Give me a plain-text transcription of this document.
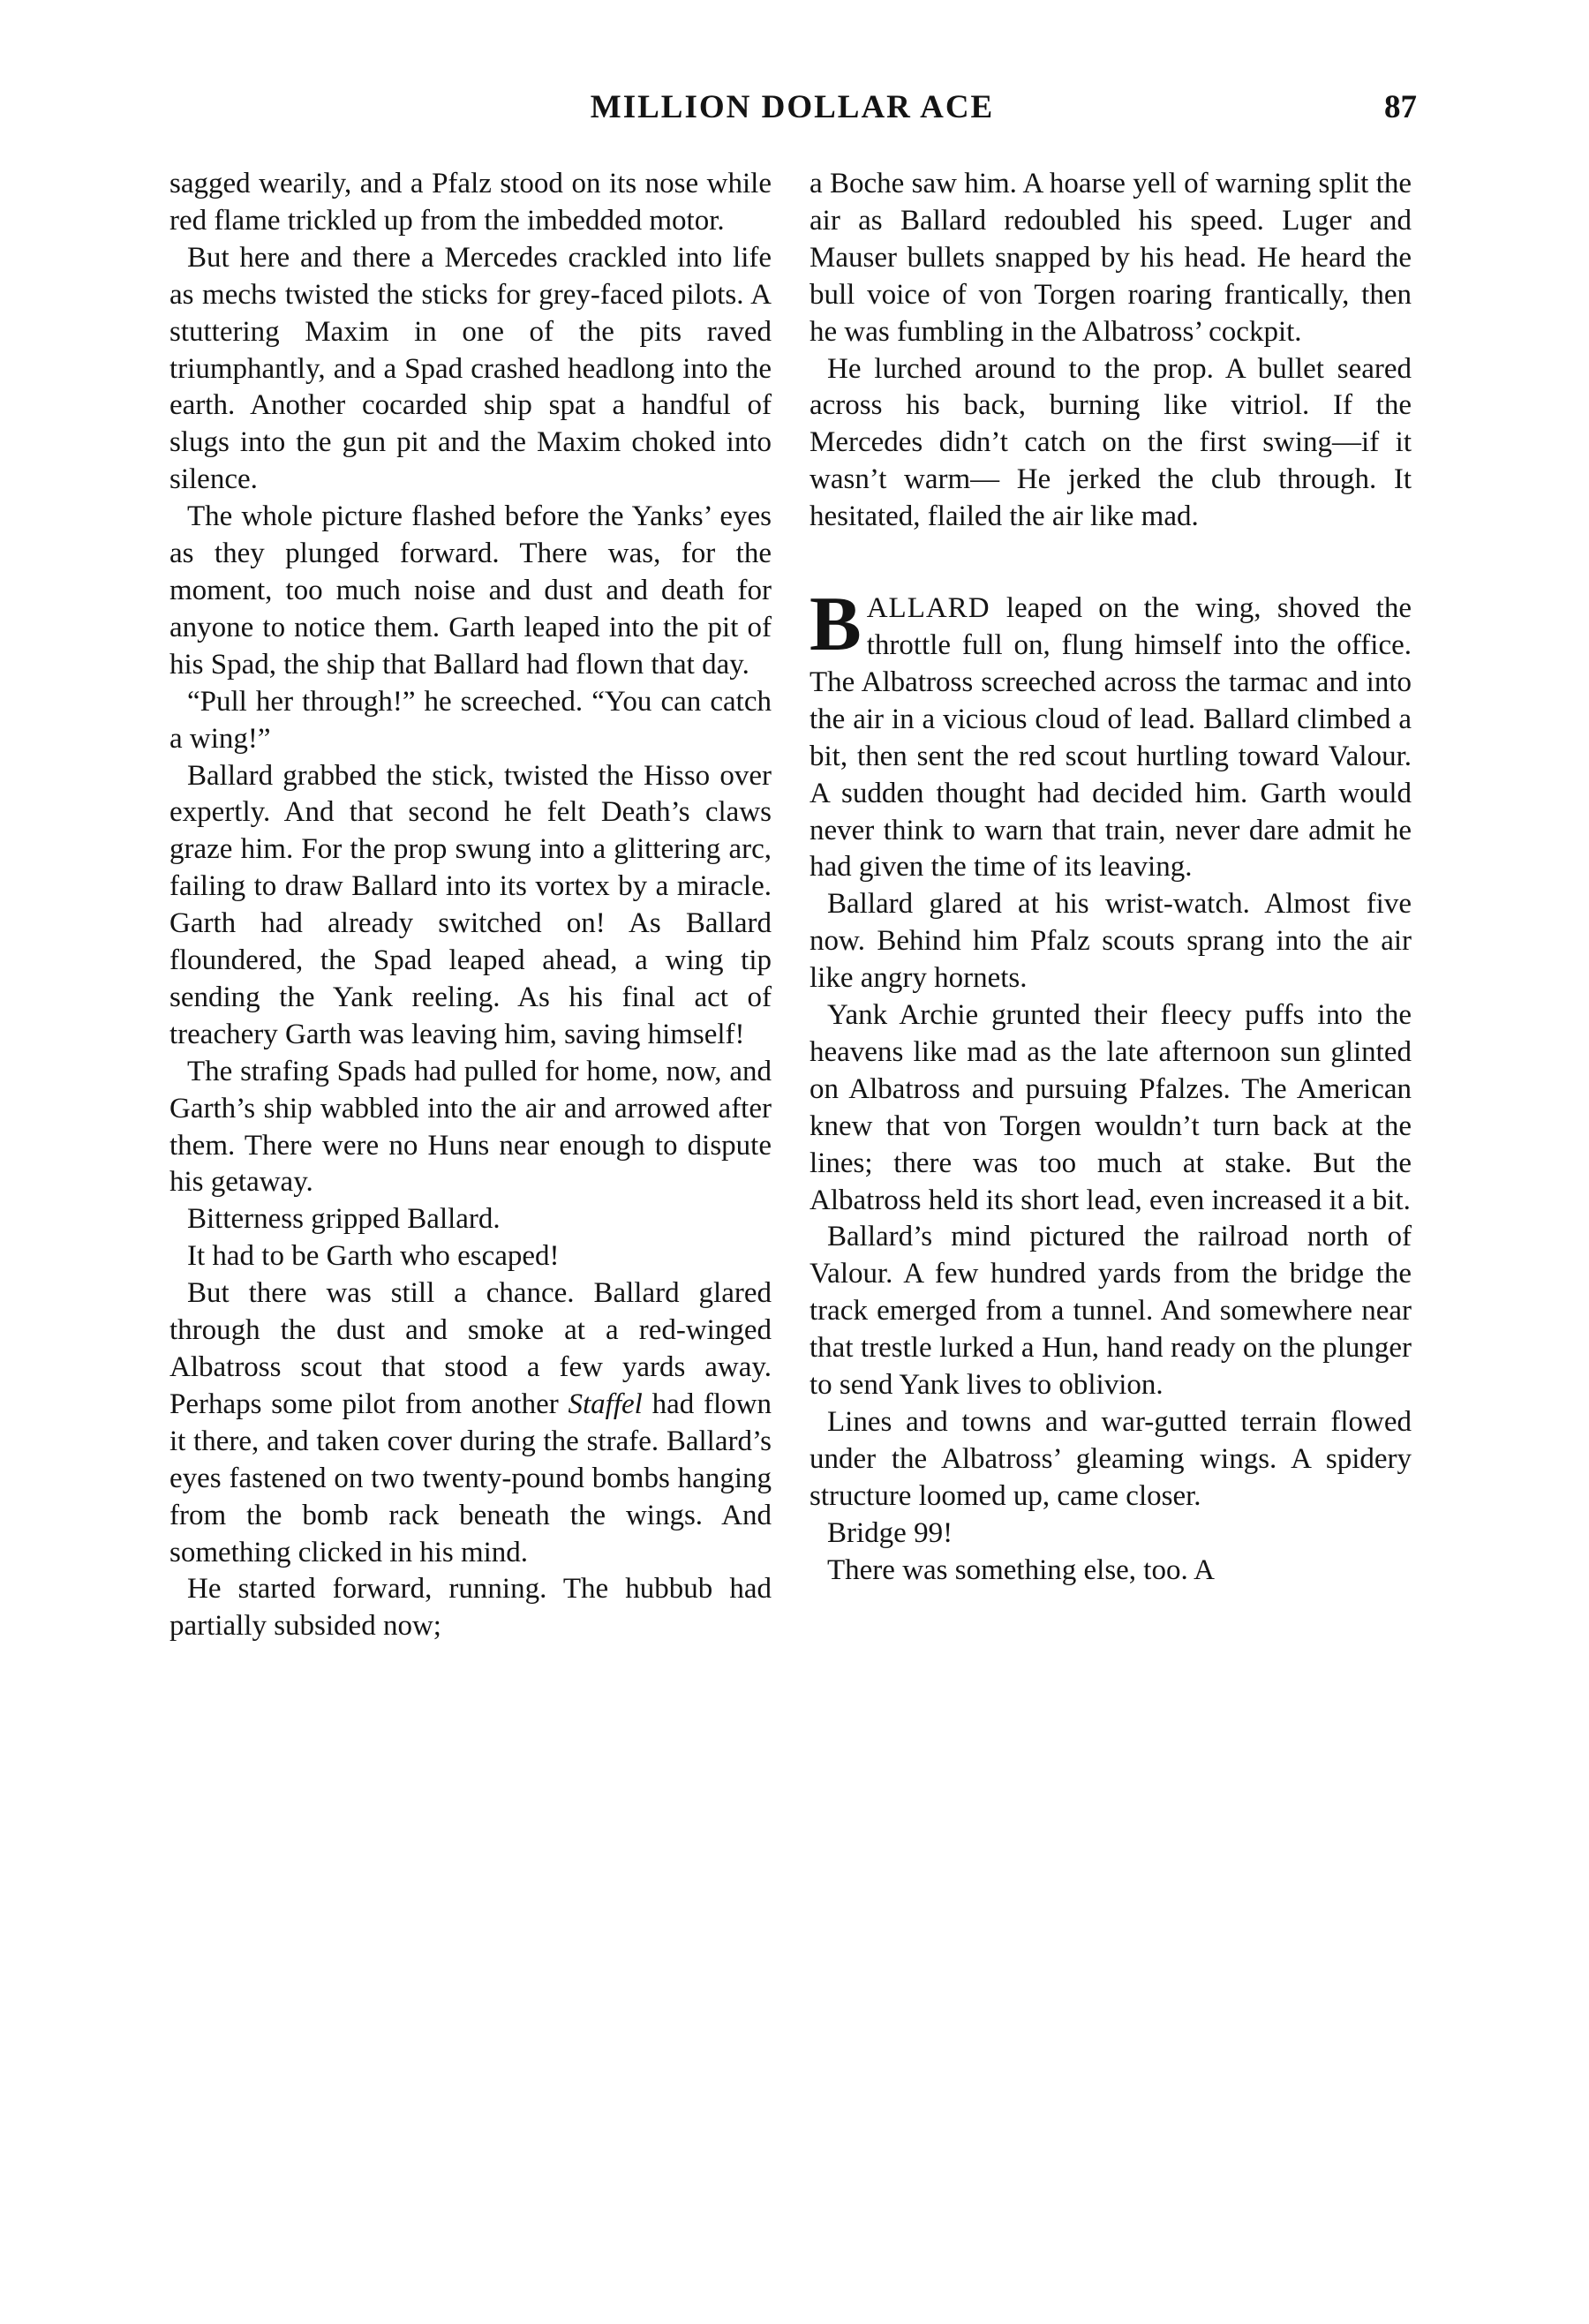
MILLION DOLLAR ACE	87

sagged wearily, and a Pfalz stood on its nose while red flame trickled up from the imbedded motor.

But here and there a Mercedes crackled into life as mechs twisted the sticks for grey-faced pilots. A stuttering Maxim in one of the pits raved triumphantly, and a Spad crashed headlong into the earth. Another cocarded ship spat a handful of slugs into the gun pit and the Maxim choked into silence.

The whole picture flashed before the Yanks’ eyes as they plunged forward. There was, for the moment, too much noise and dust and death for anyone to notice them. Garth leaped into the pit of his Spad, the ship that Ballard had flown that day.

“Pull her through!” he screeched. “You can catch a wing!”

Ballard grabbed the stick, twisted the Hisso over expertly. And that second he felt Death’s claws graze him. For the prop swung into a glittering arc, failing to draw Ballard into its vortex by a miracle. Garth had already switched on! As Ballard floundered, the Spad leaped ahead, a wing tip sending the Yank reeling. As his final act of treachery Garth was leaving him, saving himself!

The strafing Spads had pulled for home, now, and Garth’s ship wabbled into the air and arrowed after them. There were no Huns near enough to dispute his getaway.

Bitterness gripped Ballard.

It had to be Garth who escaped!

But there was still a chance. Ballard glared through the dust and smoke at a red-winged Albatross scout that stood a few yards away. Perhaps some pilot from another Staffel had flown it there, and taken cover during the strafe. Ballard’s eyes fastened on two twenty-pound bombs hanging from the bomb rack beneath the wings. And something clicked in his mind.

He started forward, running. The hubbub had partially subsided now;

a Boche saw him. A hoarse yell of warning split the air as Ballard redoubled his speed. Luger and Mauser bullets snapped by his head. He heard the bull voice of von Torgen roaring frantically, then he was fumbling in the Albatross’ cockpit.

He lurched around to the prop. A bullet seared across his back, burning like vitriol. If the Mercedes didn’t catch on the first swing—if it wasn’t warm— He jerked the club through. It hesitated, flailed the air like mad.

BALLARD leaped on the wing, shoved the throttle full on, flung himself into the office. The Albatross screeched across the tarmac and into the air in a vicious cloud of lead. Ballard climbed a bit, then sent the red scout hurtling toward Valour. A sudden thought had decided him. Garth would never think to warn that train, never dare admit he had given the time of its leaving.

Ballard glared at his wrist-watch. Almost five now. Behind him Pfalz scouts sprang into the air like angry hornets.

Yank Archie grunted their fleecy puffs into the heavens like mad as the late afternoon sun glinted on Albatross and pursuing Pfalzes. The American knew that von Torgen wouldn’t turn back at the lines; there was too much at stake. But the Albatross held its short lead, even increased it a bit.

Ballard’s mind pictured the railroad north of Valour. A few hundred yards from the bridge the track emerged from a tunnel. And somewhere near that trestle lurked a Hun, hand ready on the plunger to send Yank lives to oblivion.

Lines and towns and war-gutted terrain flowed under the Albatross’ gleaming wings. A spidery structure loomed up, came closer.

Bridge 99!

There was something else, too. A
